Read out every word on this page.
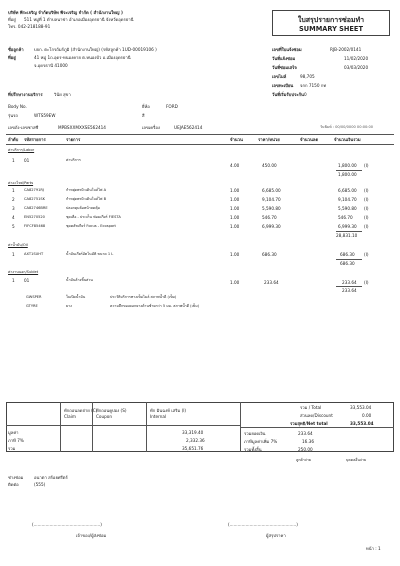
บริษัท พีระเจริญ จำกัดบริษัท พีระเจริญ จำกัด ( สำนักงานใหญ่ )
ที่อยู่ 511 หมู่ที่ 1 ตำบลนาข่า อำเภอเมืองอุดรธานี จังหวัดอุดรธานี
โทร. 042-218188-91
ใบสรุปรายการซ่อมทำ
SUMMARY SHEET
ชื่อลูกค้า บจก. ตะโกรถัมร์ภูมิ (สำนักงานใหญ่) (รหัสลูกค้า 1UD-00019106 )
ที่อยู่	41 หมู่ 1ถ.อุดร-หนองคาย ต.หนองบัว อ.เมืองอุดรธานี
จ.อุดรธานี 41000
เลขที่ใบแจ้งซ่อม	RJB-2002/0141
วันที่แจ้งซ่อม	11/02/2020
วันที่ซ่อมเสร็จ	03/03/2020
เลขไมล์	98,705
เลขทะเบียน จกก 7150 กท
วันที่เริ่มรับประกัน 0
ที่ปรึกษางานบริการ	วินัย สุขา
Body No.	ยี่ห้อ	FORD
รุ่นรถ	WTS59EW	สี
เลขถัง-เลขชาสซี	MPBSXXMXXSE562414	เลขเครื่อง	UEJAE562414	วันพิมพ์ : 00/00/0000 00:00:00
ลำดับ รหัสรายการ	รายการ	จำนวน	ราคา/หน่วย	จำนวนลด	จำนวนเงินรวม
ค่าบริการ/Labor
1 01	ค่าบริการ
4.00	450.00	1,800.00 (I)
1,800.00
ค่าอะไหล่/Parts
1	CA82791RJ	กำหยุ่ดพรมิวเดินโบล์ไฟ A	1.00	6,685.00	6,685.00 (I)
2	CA82751SK	กำหยุ่ดพรมิวเดินโบล์ไฟ B	1.00	9,104.70	9,104.70 (I)
3	CA82746BRE	ปลอกดุมล้อหน้าลดคุ้ม	1.00	5,590.80	5,590.80 (I)
4	EN5270520	ชุดเสือ - ประเก็น ฟ่อมเกียร์ FIESTA	1.00	546.70	546.70	(I)
5	FIFCF85468	ชุดคลัชเกียร์ Focus - Ecosport	1.00	6,999.30	6,999.30 (I)
28,831.10
ค่าน้ำมัน/Oil
1	AXT1SUHT	น้ำมันเกียร์อัตโนมัติ ขนาด 1 L	1.00	686.30	686.30 (I)
686.30
ค่างานนอก/Sublet
1 01	น้ำมันล้างชิ้นส่วน	1.00	233.64	233.64 (I)
233.64
GWSPER	ใบเปิดน้ำมัน	ประวัติบริการทางเข็มไมล์ สภาพน้ำดี (เข็ม)
GTYRE	ยาง	ความลึกของดอกยางด้านซ้ายกว่า 5 มม. สภาพน้ำดี (เข็ม)
ทักถอนลดจ่าย (C)
Claim
ทักถอนคูปอง (S)
Coupon
ทัก มินฉงห์ เสริม (I)
Internal
มูลค่า	33,319.40
ภาษี 7%	2,332.36
รวม	35,651.76
รวม / Total	33,553.04
ส่วนลด/Discount	0.00
รวมสุทธิ/Net total	33,553.04
รวมยอดเงิน	233.64
ภาษีมูลค่าเพิ่ม 7%	16.36
รวมทั้งสิ้น	250.00
ลูกค้าจ่าย	บุคคลอื่นจ่าย
ช่างซ่อม	อนาตา สร้อยศรีตร์
ติดต่อ	(555)
(..................................................)	(..................................................)
เจ้าของ/ผู้ส่งซ่อม	ผู้สรุปราคา
หน้า : 1
